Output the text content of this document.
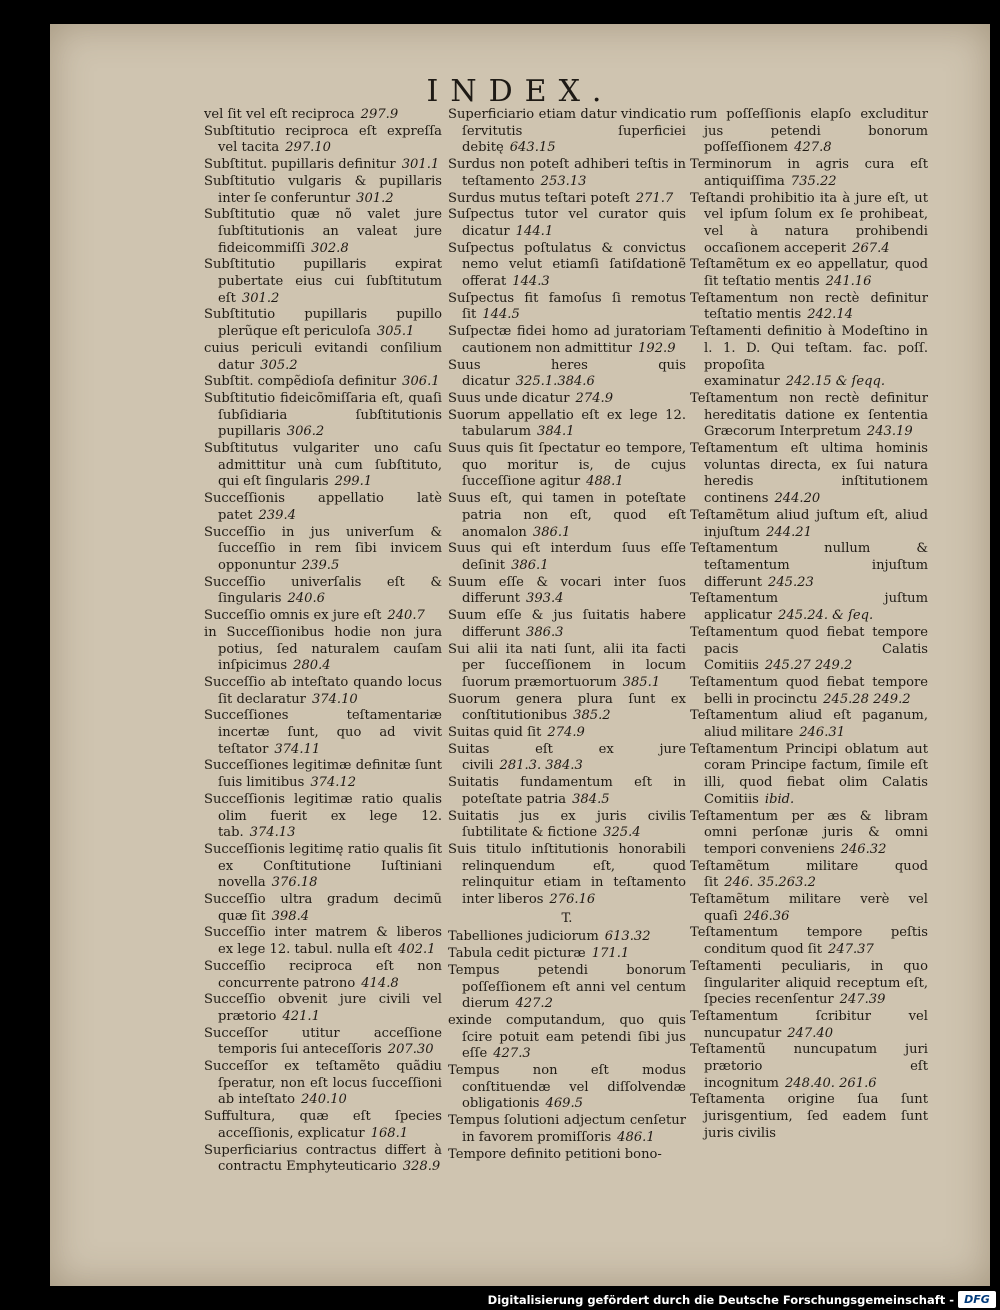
INDEX.

vel ſit vel eſt reciproca 297.9

Subſtitutio reciproca eſt expreſſa vel tacita 297.10

Subſtitut. pupillaris definitur 301.1

Subſtitutio vulgaris & pupillaris inter ſe conferuntur 301.2

Subſtitutio quæ nõ valet jure ſubſtitutionis an valeat jure fideicommiſſi 302.8

Subſtitutio pupillaris expirat pubertate eius cui ſubſtitutum eſt 301.2

Subſtitutio pupillaris pupillo plerũque eſt periculoſa 305.1

cuius periculi evitandi conſilium datur 305.2

Subſtit. compẽdioſa definitur 306.1

Subſtitutio fideicõmiſſaria eſt, quaſi ſubſidiaria ſubſtitutionis pupillaris 306.2

Subſtitutus vulgariter uno caſu admittitur unà cum ſubſtituto, qui eſt ſingularis 299.1

Succeſſionis appellatio latè patet 239.4

Succeſſio in jus univerſum & ſucceſſio in rem ſibi invicem opponuntur 239.5

Succeſſio univerſalis eſt & ſingularis 240.6

Succeſſio omnis ex jure eſt 240.7

in Succeſſionibus hodie non jura potius, ſed naturalem cauſam inſpicimus 280.4

Succeſſio ab inteſtato quando locus ſit declaratur 374.10

Succeſſiones teſtamentariæ incertæ ſunt, quo ad vivit teſtator 374.11

Succeſſiones legitimæ definitæ ſunt ſuis limitibus 374.12

Succeſſionis legitimæ ratio qualis olim fuerit ex lege 12. tab. 374.13

Succeſſionis legitimę ratio qualis ſit ex Conſtitutione Iuſtiniani novella 376.18

Succeſſio ultra gradum decimũ quæ ſit 398.4

Succeſſio inter matrem & liberos ex lege 12. tabul. nulla eſt 402.1

Succeſſio reciproca eſt non concurrente patrono 414.8

Succeſſio obvenit jure civili vel prætorio 421.1

Succeſſor utitur acceſſione temporis ſui anteceſſoris 207.30

Succeſſor ex teſtamẽto quãdiu ſperatur, non eſt locus ſucceſſioni ab inteſtato 240.10

Suffultura, quæ eſt ſpecies acceſſionis, explicatur 168.1

Superficiarius contractus differt à contractu Emphyteuticario 328.9

Superficiario etiam datur vindicatio ſervitutis ſuperficiei debitę 643.15

Surdus non poteſt adhiberi teſtis in teſtamento 253.13

Surdus mutus teſtari poteſt 271.7

Suſpectus tutor vel curator quis dicatur 144.1

Suſpectus poſtulatus & convictus nemo velut etiamſi ſatiſdationẽ offerat 144.3

Suſpectus fit famoſus ſi remotus ſit 144.5

Suſpectæ fidei homo ad juratoriam cautionem non admittitur 192.9

Suus heres quis dicatur 325.1.384.6

Suus unde dicatur 274.9

Suorum appellatio eſt ex lege 12. tabularum 384.1

Suus quis ſit ſpectatur eo tempore, quo moritur is, de cujus ſucceſſione agitur 488.1

Suus eſt, qui tamen in poteſtate patria non eſt, quod eſt anomalon 386.1

Suus qui eſt interdum ſuus eſſe deſinit 386.1

Suum eſſe & vocari inter ſuos differunt 393.4

Suum eſſe & jus ſuitatis habere differunt 386.3

Sui alii ita nati ſunt, alii ita facti per ſucceſſionem in locum ſuorum præmortuorum 385.1

Suorum genera plura ſunt ex conſtitutionibus 385.2

Suitas quid ſit 274.9

Suitas eſt ex jure civili 281.3. 384.3

Suitatis fundamentum eſt in poteſtate patria 384.5

Suitatis jus ex juris civilis ſubtilitate & fictione 325.4

Suis titulo inſtitutionis honorabili relinquendum eſt, quod relinquitur etiam in teſtamento inter liberos 276.16

T.

Tabelliones judiciorum 613.32

Tabula cedit picturæ 171.1

Tempus petendi bonorum poſſeſſionem eſt anni vel centum dierum 427.2

exinde computandum, quo quis ſcire potuit eam petendi ſibi jus eſſe 427.3

Tempus non eſt modus conſtituendæ vel diſſolvendæ obligationis 469.5

Tempus ſolutioni adjectum cenſetur in favorem promiſſoris 486.1

Tempore definito petitioni bono-

rum poſſeſſionis elapſo excluditur jus petendi bonorum poſſeſſionem 427.8

Terminorum in agris cura eſt antiquiſſima 735.22

Teſtandi prohibitio ita à jure eſt, ut vel ipſum ſolum ex ſe prohibeat, vel à natura prohibendi occaſionem acceperit 267.4

Teſtamẽtum ex eo appellatur, quod ſit teſtatio mentis 241.16

Teſtamentum non rectè definitur teſtatio mentis 242.14

Teſtamenti definitio à Modeſtino in l. 1. D. Qui teſtam. fac. poſſ. propoſita examinatur 242.15 & ſeqq.

Teſtamentum non rectè definitur hereditatis datione ex ſententia Græcorum Interpretum 243.19

Teſtamentum eſt ultima hominis voluntas directa, ex ſui natura heredis inſtitutionem continens 244.20

Teſtamẽtum aliud juſtum eſt, aliud injuſtum 244.21

Teſtamentum nullum & teſtamentum injuſtum differunt 245.23

Teſtamentum juſtum applicatur 245.24. & ſeq.

Teſtamentum quod fiebat tempore pacis Calatis Comitiis 245.27 249.2

Teſtamentum quod fiebat tempore belli in procinctu 245.28 249.2

Teſtamentum aliud eſt paganum, aliud militare 246.31

Teſtamentum Principi oblatum aut coram Principe factum, ſimile eſt illi, quod fiebat olim Calatis Comitiis ibid.

Teſtamentum per æs & libram omni perſonæ juris & omni tempori conveniens 246.32

Teſtamẽtum militare quod ſit 246. 35.263.2

Teſtamẽtum militare verè vel quaſi 246.36

Teſtamentum tempore peſtis conditum quod ſit 247.37

Teſtamenti peculiaris, in quo ſingulariter aliquid receptum eſt, ſpecies recenſentur 247.39

Teſtamentum ſcribitur vel nuncupatur 247.40

Teſtamentũ nuncupatum juri prætorio eſt incognitum 248.40. 261.6

Teſtamenta origine ſua ſunt jurisgentium, ſed eadem ſunt juris civilis

Digitalisierung gefördert durch die Deutsche Forschungsgemeinschaft - DFG
